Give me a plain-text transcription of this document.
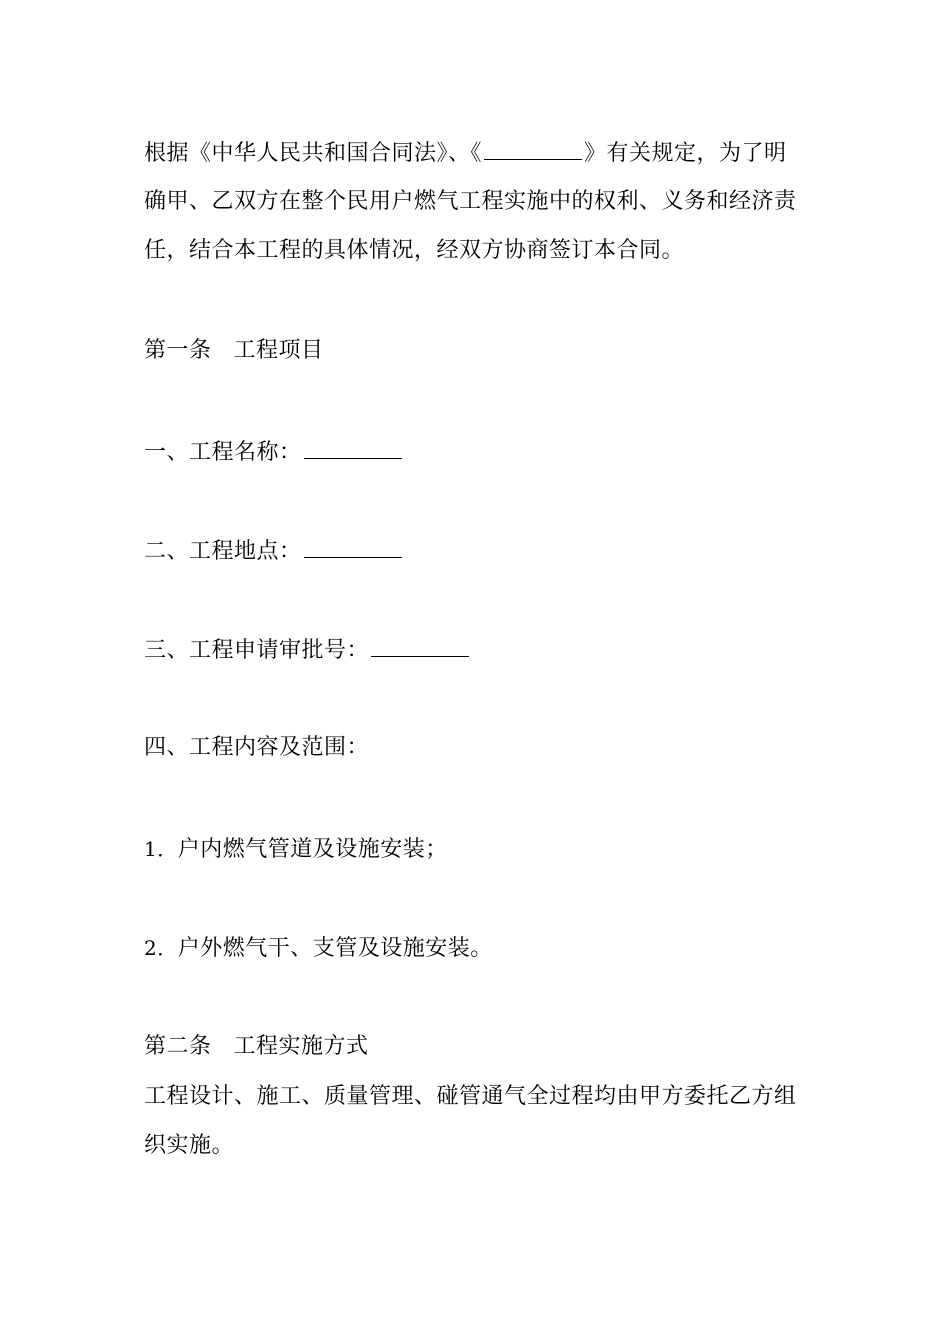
根据《中华人民共和国合同法》、《	》有关规定，为了明
确甲、乙双方在整个民用户燃气工程实施中的权利、义务和经济责
任，结合本工程的具体情况，经双方协商签订本合同。
第一条 工程项目
一、工程名称：
二、工程地点：
三、工程申请审批号：
四、工程内容及范围：
1．户内燃气管道及设施安装；
2．户外燃气干、支管及设施安装。
第二条 工程实施方式
工程设计、施工、质量管理、碰管通气全过程均由甲方委托乙方组
织实施。
